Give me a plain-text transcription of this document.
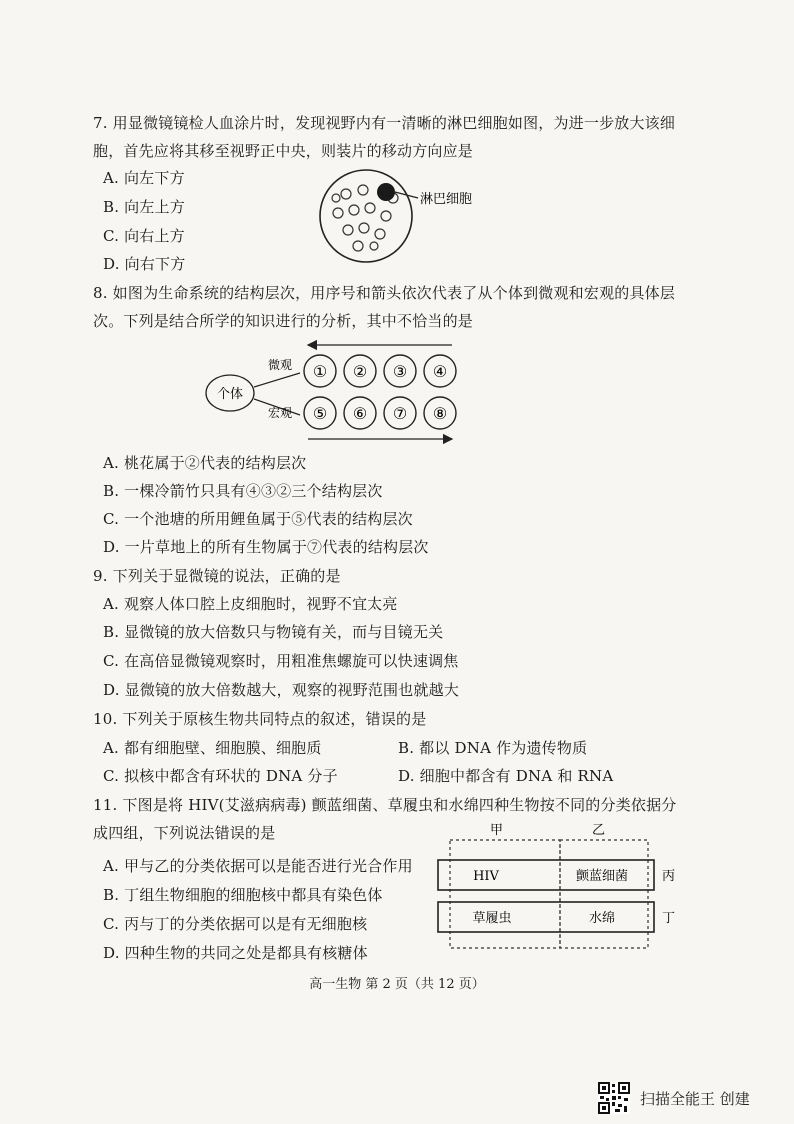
7. 用显微镜镜检人血涂片时，发现视野内有一清晰的淋巴细胞如图，为进一步放大该细
胞，首先应将其移至视野正中央，则装片的移动方向应是
A. 向左下方
B. 向左上方
C. 向右上方
D. 向右下方
淋巴细胞
8. 如图为生命系统的结构层次，用序号和箭头依次代表了从个体到微观和宏观的具体层
次。下列是结合所学的知识进行的分析，其中不恰当的是
个体
微观
宏观
① ② ③ ④
⑤ ⑥ ⑦ ⑧
A. 桃花属于②代表的结构层次
B. 一棵冷箭竹只具有④③②三个结构层次
C. 一个池塘的所用鲤鱼属于⑤代表的结构层次
D. 一片草地上的所有生物属于⑦代表的结构层次
9. 下列关于显微镜的说法，正确的是
A. 观察人体口腔上皮细胞时，视野不宜太亮
B. 显微镜的放大倍数只与物镜有关，而与目镜无关
C. 在高倍显微镜观察时，用粗准焦螺旋可以快速调焦
D. 显微镜的放大倍数越大，观察的视野范围也就越大
10. 下列关于原核生物共同特点的叙述，错误的是
A. 都有细胞壁、细胞膜、细胞质	B. 都以 DNA 作为遗传物质
C. 拟核中都含有环状的 DNA 分子	D. 细胞中都含有 DNA 和 RNA
11. 下图是将 HIV(艾滋病病毒) 颤蓝细菌、草履虫和水绵四种生物按不同的分类依据分
成四组，下列说法错误的是
A. 甲与乙的分类依据可以是能否进行光合作用
B. 丁组生物细胞的细胞核中都具有染色体
C. 丙与丁的分类依据可以是有无细胞核
D. 四种生物的共同之处是都具有核糖体
甲	乙
丙
丁
HIV	颤蓝细菌
草履虫	水绵
高一生物 第 2 页（共 12 页）
扫描全能王 创建
